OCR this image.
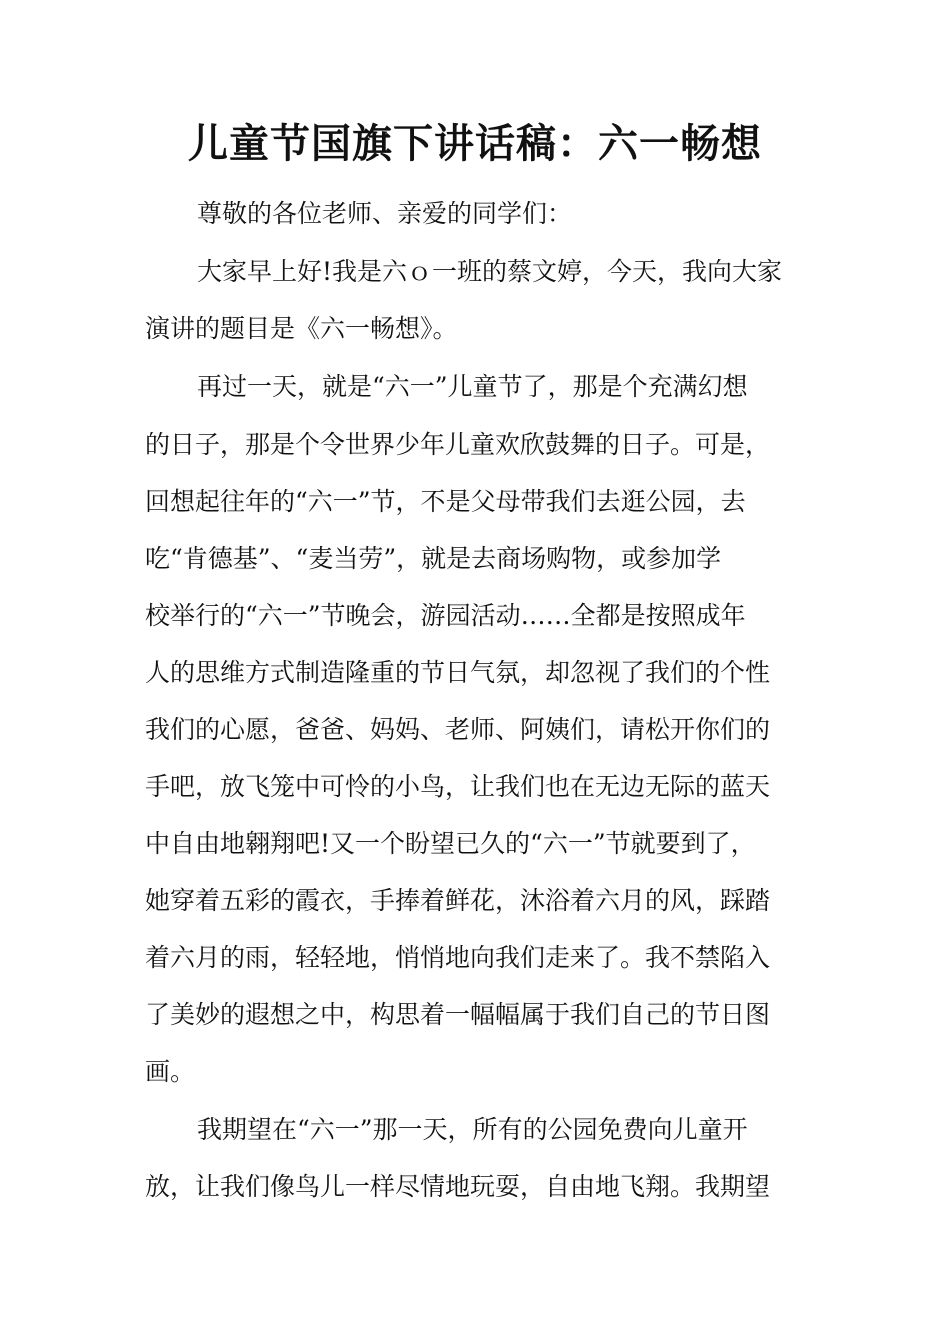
儿童节国旗下讲话稿：六一畅想
尊敬的各位老师、亲爱的同学们：
大家早上好!我是六ｏ一班的蔡文婷，今天，我向大家
演讲的题目是《六一畅想》。
再过一天，就是“六一”儿童节了，那是个充满幻想
的日子，那是个令世界少年儿童欢欣鼓舞的日子。可是，
回想起往年的“六一”节，不是父母带我们去逛公园，去
吃“肯德基”、“麦当劳”，就是去商场购物，或参加学
校举行的“六一”节晚会，游园活动……全都是按照成年
人的思维方式制造隆重的节日气氛，却忽视了我们的个性
我们的心愿，爸爸、妈妈、老师、阿姨们，请松开你们的
手吧，放飞笼中可怜的小鸟，让我们也在无边无际的蓝天
中自由地翱翔吧!又一个盼望已久的“六一”节就要到了，
她穿着五彩的霞衣，手捧着鲜花，沐浴着六月的风，踩踏
着六月的雨，轻轻地，悄悄地向我们走来了。我不禁陷入
了美妙的遐想之中，构思着一幅幅属于我们自己的节日图
画。
我期望在“六一”那一天，所有的公园免费向儿童开
放，让我们像鸟儿一样尽情地玩耍，自由地飞翔。我期望
